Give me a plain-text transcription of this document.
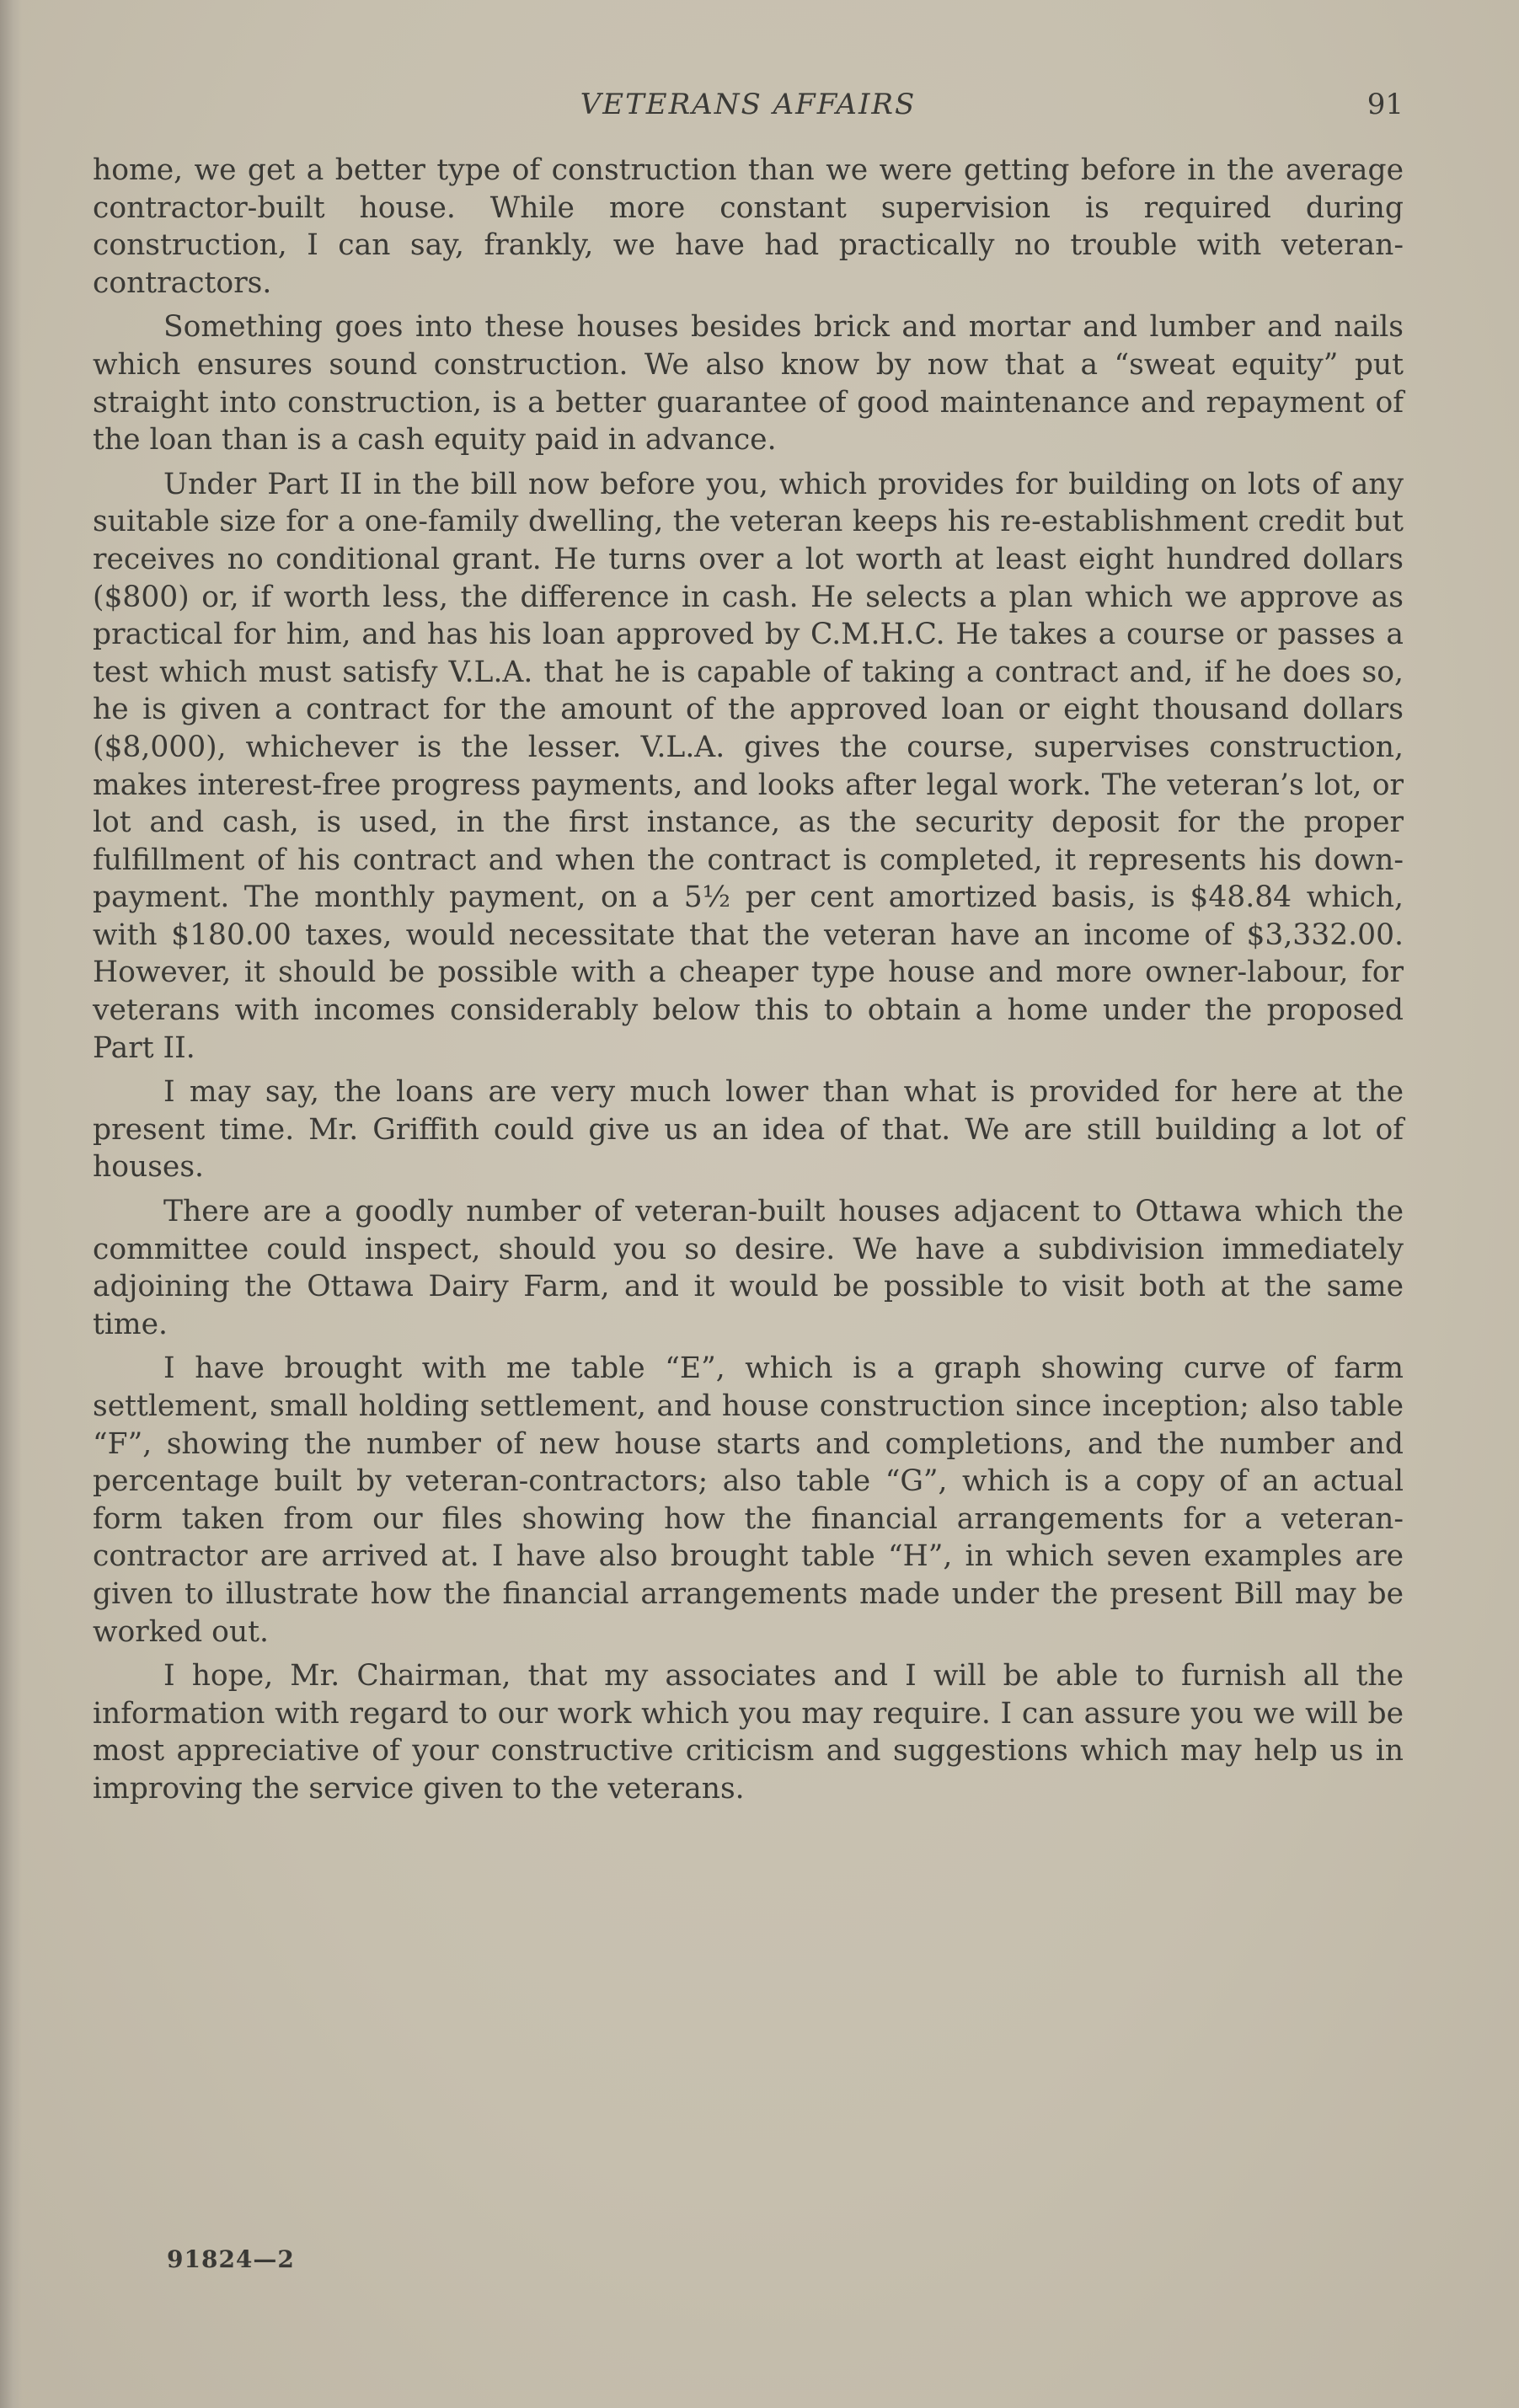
VETERANS AFFAIRS	91

home, we get a better type of construction than we were getting before in the average contractor-built house. While more constant supervision is required during construction, I can say, frankly, we have had practically no trouble with veteran-contractors.

Something goes into these houses besides brick and mortar and lumber and nails which ensures sound construction. We also know by now that a “sweat equity” put straight into construction, is a better guarantee of good maintenance and repayment of the loan than is a cash equity paid in advance.

Under Part II in the bill now before you, which provides for building on lots of any suitable size for a one-family dwelling, the veteran keeps his re-establishment credit but receives no conditional grant. He turns over a lot worth at least eight hundred dollars ($800) or, if worth less, the difference in cash. He selects a plan which we approve as practical for him, and has his loan approved by C.M.H.C. He takes a course or passes a test which must satisfy V.L.A. that he is capable of taking a contract and, if he does so, he is given a contract for the amount of the approved loan or eight thousand dollars ($8,000), whichever is the lesser. V.L.A. gives the course, supervises construction, makes interest-free progress payments, and looks after legal work. The veteran’s lot, or lot and cash, is used, in the first instance, as the security deposit for the proper fulfillment of his contract and when the contract is completed, it represents his down-payment. The monthly payment, on a 5½ per cent amortized basis, is $48.84 which, with $180.00 taxes, would necessitate that the veteran have an income of $3,332.00. However, it should be possible with a cheaper type house and more owner-labour, for veterans with incomes considerably below this to obtain a home under the proposed Part II.

I may say, the loans are very much lower than what is provided for here at the present time. Mr. Griffith could give us an idea of that. We are still building a lot of houses.

There are a goodly number of veteran-built houses adjacent to Ottawa which the committee could inspect, should you so desire. We have a subdivision immediately adjoining the Ottawa Dairy Farm, and it would be possible to visit both at the same time.

I have brought with me table “E”, which is a graph showing curve of farm settlement, small holding settlement, and house construction since inception; also table “F”, showing the number of new house starts and completions, and the number and percentage built by veteran-contractors; also table “G”, which is a copy of an actual form taken from our files showing how the financial arrangements for a veteran-contractor are arrived at. I have also brought table “H”, in which seven examples are given to illustrate how the financial arrangements made under the present Bill may be worked out.

I hope, Mr. Chairman, that my associates and I will be able to furnish all the information with regard to our work which you may require. I can assure you we will be most appreciative of your constructive criticism and suggestions which may help us in improving the service given to the veterans.

91824—2
